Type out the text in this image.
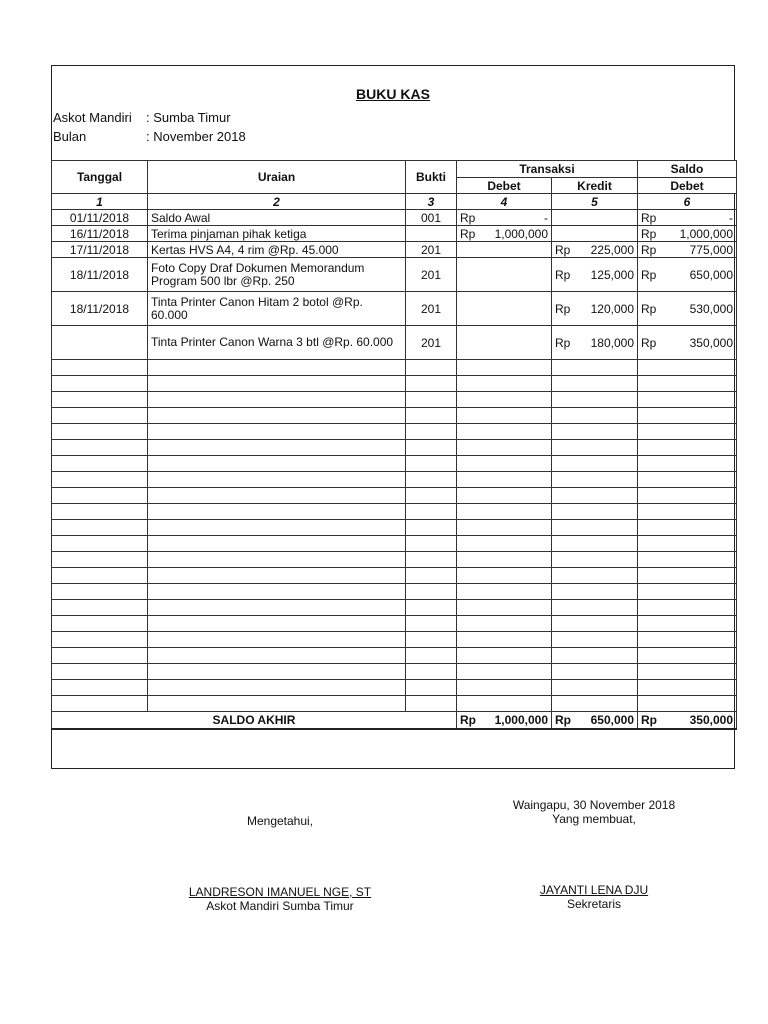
BUKU KAS
Askot Mandiri : Sumba Timur
Bulan	: November 2018
Tanggal	Uraian	Bukti	Transaksi		Saldo
			Debet	Kredit	Debet
1	2	3	4	5	6
01/11/2018	Saldo Awal	001	Rp -		Rp -

16/11/2018	Terima pinjaman pihak ketiga		Rp 1,000,000		Rp 1,000,000

17/11/2018	Kertas HVS A4, 4 rim @Rp. 45.000	201		Rp 225,000	Rp 775,000

18/11/2018	Foto Copy Draf Dokumen Memorandum Program 500 lbr @Rp. 250	201		Rp 125,000	Rp 650,000

18/11/2018	Tinta Printer Canon Hitam 2 botol @Rp. 60.000	201		Rp 120,000	Rp 530,000

	Tinta Printer Canon Warna 3 btl @Rp. 60.000	201		Rp 180,000	Rp 350,000

SALDO AKHIR			Rp 1,000,000	Rp 650,000	Rp 350,000
Mengetahui,
LANDRESON IMANUEL NGE, ST
Askot Mandiri Sumba Timur
Waingapu, 30 November 2018
Yang membuat,
JAYANTI LENA DJU
Sekretaris
